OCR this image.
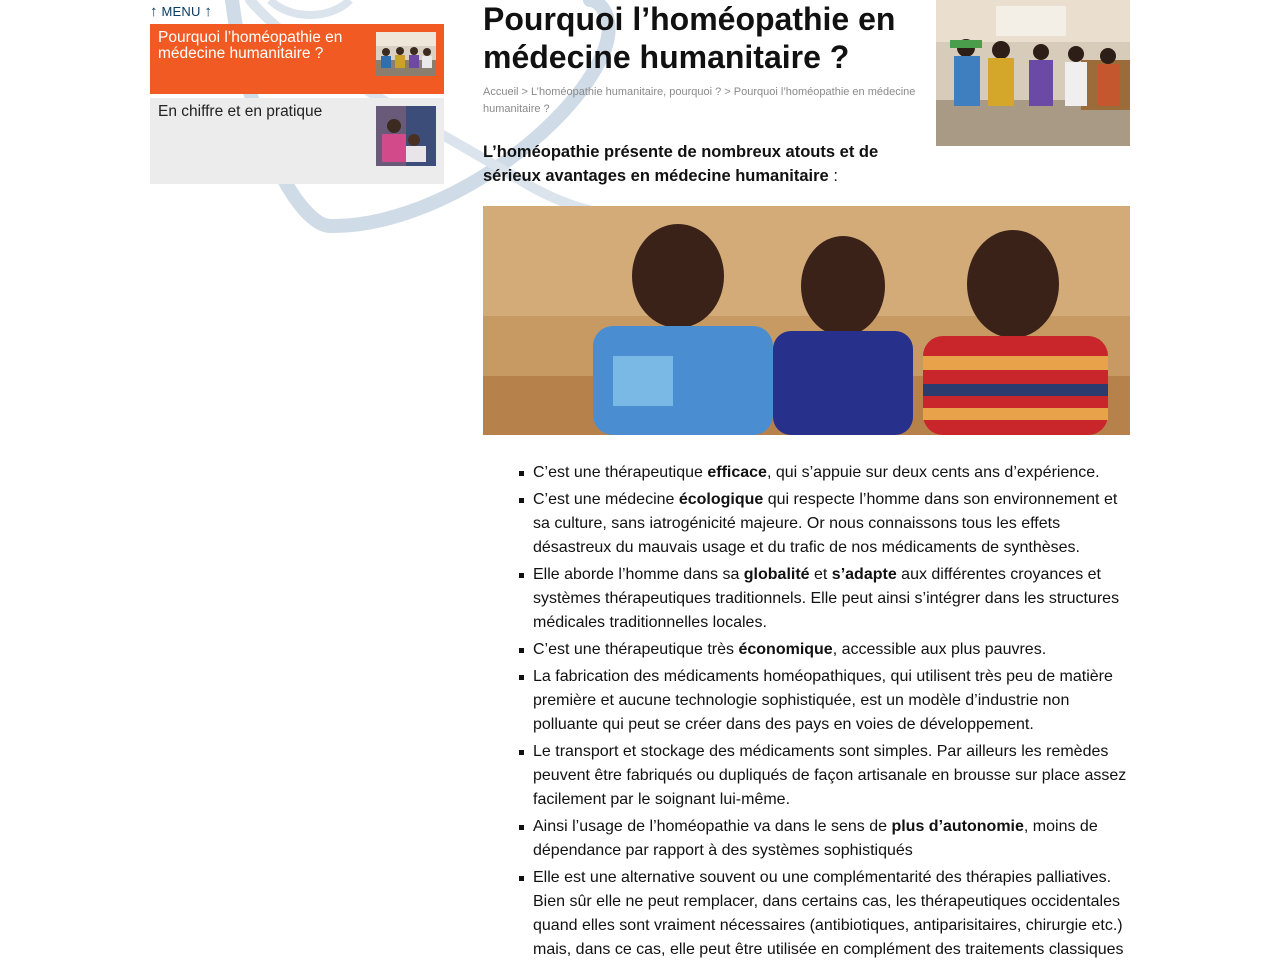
↑ MENU ↑
Pourquoi l’homéopathie en médecine humanitaire ?
En chiffre et en pratique
Pourquoi l’homéopathie en médecine humanitaire ?
Accueil > L’homéopathie humanitaire, pourquoi ? > Pourquoi l’homéopathie en médecine humanitaire ?

L’homéopathie présente de nombreux atouts et de sérieux avantages en médecine humanitaire :

C’est une thérapeutique efficace, qui s’appuie sur deux cents ans d’expérience.
C’est une médecine écologique qui respecte l’homme dans son environnement et sa culture, sans iatrogénicité majeure. Or nous connaissons tous les effets désastreux du mauvais usage et du trafic de nos médicaments de synthèses.
Elle aborde l’homme dans sa globalité et s’adapte aux différentes croyances et systèmes thérapeutiques traditionnels. Elle peut ainsi s’intégrer dans les structures médicales traditionnelles locales.
C’est une thérapeutique très économique, accessible aux plus pauvres.
La fabrication des médicaments homéopathiques, qui utilisent très peu de matière première et aucune technologie sophistiquée, est un modèle d’industrie non polluante qui peut se créer dans des pays en voies de développement.
Le transport et stockage des médicaments sont simples. Par ailleurs les remèdes peuvent être fabriqués ou dupliqués de façon artisanale en brousse sur place assez facilement par le soignant lui-même.
Ainsi l’usage de l’homéopathie va dans le sens de plus d’autonomie, moins de dépendance par rapport à des systèmes sophistiqués
Elle est une alternative souvent ou une complémentarité des thérapies palliatives. Bien sûr elle ne peut remplacer, dans certains cas, les thérapeutiques occidentales quand elles sont vraiment nécessaires (antibiotiques, antiparisitaires, chirurgie etc.) mais, dans ce cas, elle peut être utilisée en complément des traitements classiques
